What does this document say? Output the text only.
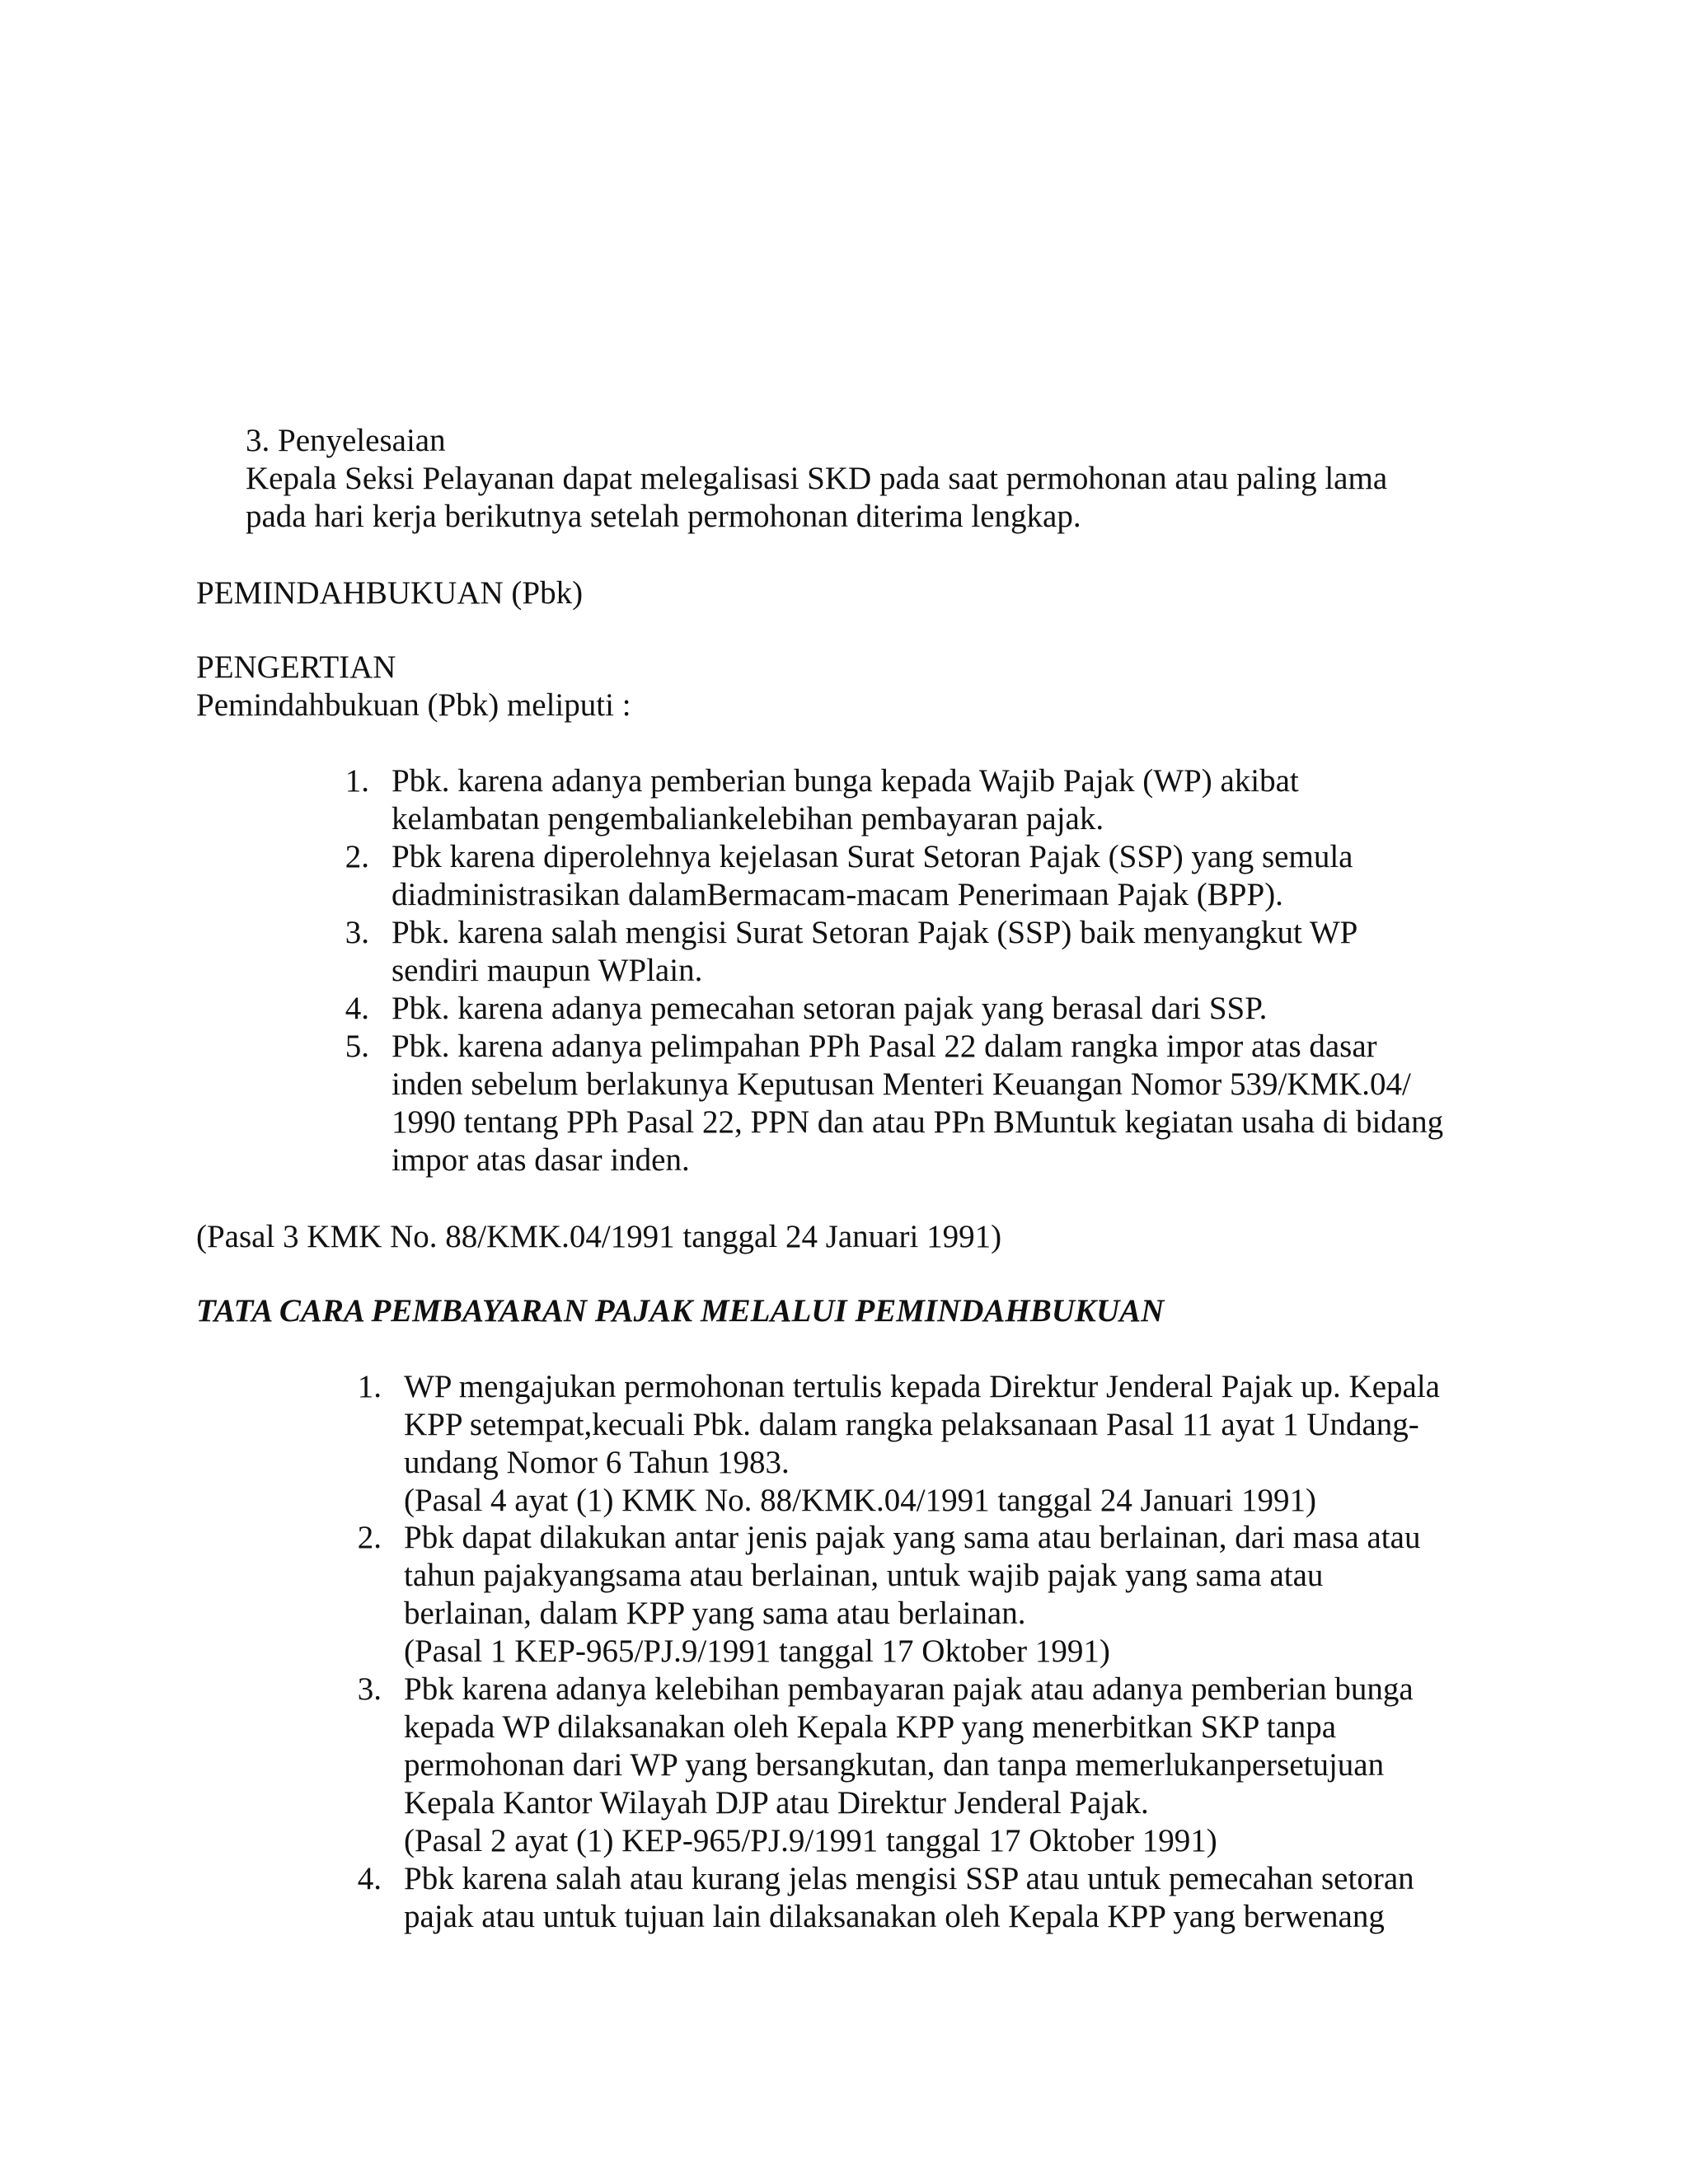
3. Penyelesaian
Kepala Seksi Pelayanan dapat melegalisasi SKD pada saat permohonan atau paling lama
pada hari kerja berikutnya setelah permohonan diterima lengkap.
PEMINDAHBUKUAN (Pbk)
PENGERTIAN
Pemindahbukuan (Pbk) meliputi :
1. Pbk. karena adanya pemberian bunga kepada Wajib Pajak (WP) akibat
kelambatan pengembaliankelebihan pembayaran pajak.
2. Pbk karena diperolehnya kejelasan Surat Setoran Pajak (SSP) yang semula
diadministrasikan dalamBermacam-macam Penerimaan Pajak (BPP).
3. Pbk. karena salah mengisi Surat Setoran Pajak (SSP) baik menyangkut WP
sendiri maupun WPlain.
4. Pbk. karena adanya pemecahan setoran pajak yang berasal dari SSP.
5. Pbk. karena adanya pelimpahan PPh Pasal 22 dalam rangka impor atas dasar
inden sebelum berlakunya Keputusan Menteri Keuangan Nomor 539/KMK.04/
1990 tentang PPh Pasal 22, PPN dan atau PPn BMuntuk kegiatan usaha di bidang
impor atas dasar inden.
(Pasal 3 KMK No. 88/KMK.04/1991 tanggal 24 Januari 1991)
TATA CARA PEMBAYARAN PAJAK MELALUI PEMINDAHBUKUAN
1. WP mengajukan permohonan tertulis kepada Direktur Jenderal Pajak up. Kepala
KPP setempat,kecuali Pbk. dalam rangka pelaksanaan Pasal 11 ayat 1 Undang-
undang Nomor 6 Tahun 1983.
(Pasal 4 ayat (1) KMK No. 88/KMK.04/1991 tanggal 24 Januari 1991)
2. Pbk dapat dilakukan antar jenis pajak yang sama atau berlainan, dari masa atau
tahun pajakyangsama atau berlainan, untuk wajib pajak yang sama atau
berlainan, dalam KPP yang sama atau berlainan.
(Pasal 1 KEP-965/PJ.9/1991 tanggal 17 Oktober 1991)
3. Pbk karena adanya kelebihan pembayaran pajak atau adanya pemberian bunga
kepada WP dilaksanakan oleh Kepala KPP yang menerbitkan SKP tanpa
permohonan dari WP yang bersangkutan, dan tanpa memerlukanpersetujuan
Kepala Kantor Wilayah DJP atau Direktur Jenderal Pajak.
(Pasal 2 ayat (1) KEP-965/PJ.9/1991 tanggal 17 Oktober 1991)
4. Pbk karena salah atau kurang jelas mengisi SSP atau untuk pemecahan setoran
pajak atau untuk tujuan lain dilaksanakan oleh Kepala KPP yang berwenang
